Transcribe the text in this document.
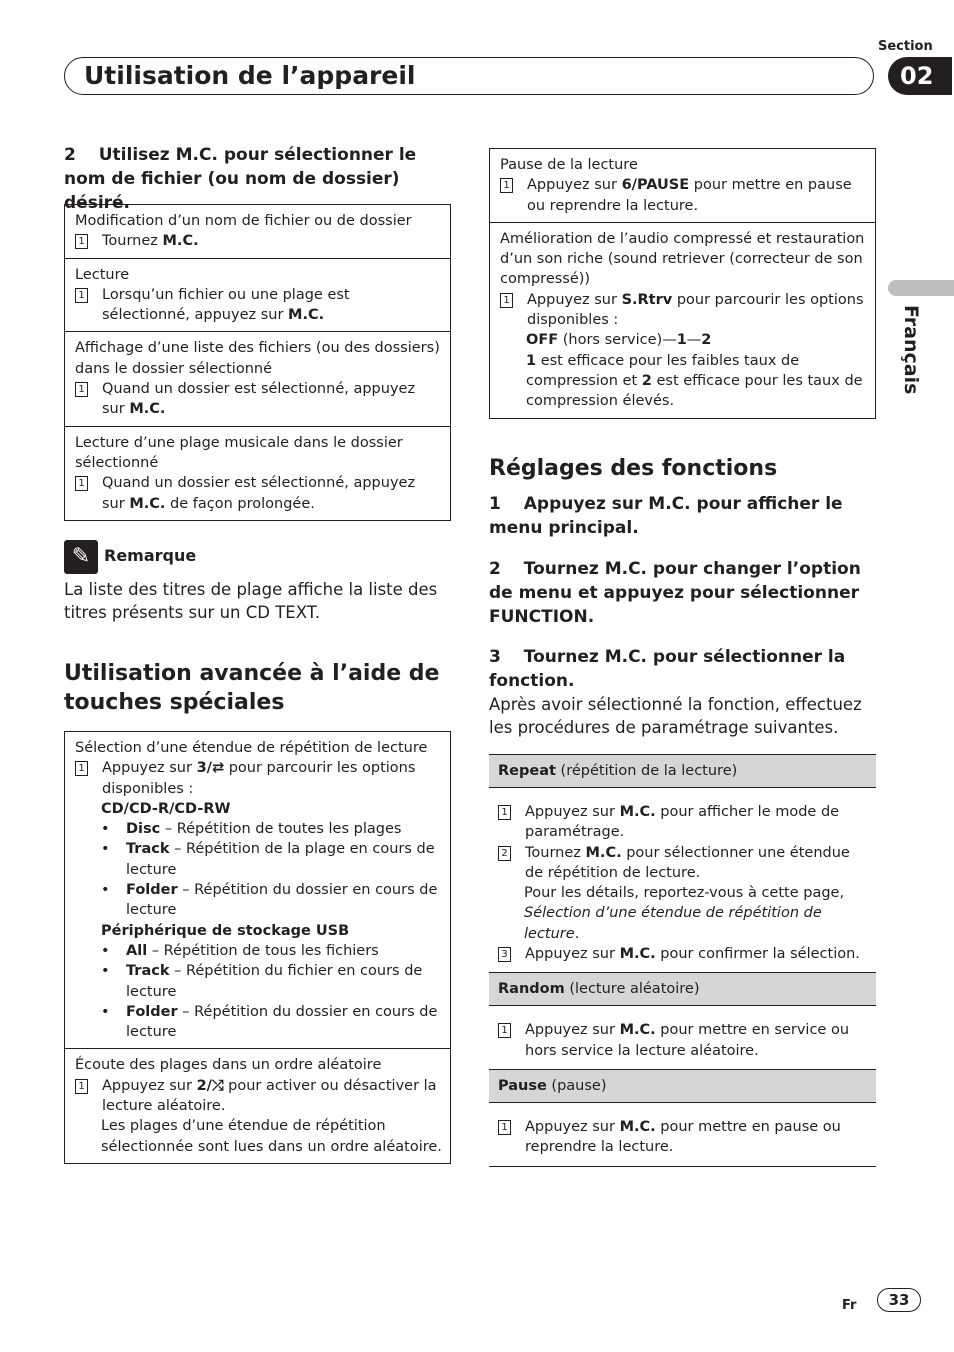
Utilisation de l’appareil
Section
02
Français
2  Utilisez M.C. pour sélectionner le nom de fichier (ou nom de dossier) désiré.
Modification d’un nom de fichier ou de dossier
1 Tournez M.C.
Lecture
1 Lorsqu’un fichier ou une plage est sélectionné, appuyez sur M.C.
Affichage d’une liste des fichiers (ou des dossiers) dans le dossier sélectionné
1 Quand un dossier est sélectionné, appuyez sur M.C.
Lecture d’une plage musicale dans le dossier sélectionné
1 Quand un dossier est sélectionné, appuyez sur M.C. de façon prolongée.
✎ Remarque
La liste des titres de plage affiche la liste des titres présents sur un CD TEXT.
Utilisation avancée à l’aide de touches spéciales
Sélection d’une étendue de répétition de lecture
1 Appuyez sur 3/⇄ pour parcourir les options disponibles :
CD/CD-R/CD-RW
•	Disc – Répétition de toutes les plages
•	Track – Répétition de la plage en cours de lecture
•	Folder – Répétition du dossier en cours de lecture
Périphérique de stockage USB
•	All – Répétition de tous les fichiers
•	Track – Répétition du fichier en cours de lecture
•	Folder – Répétition du dossier en cours de lecture
Écoute des plages dans un ordre aléatoire
1 Appuyez sur 2/⤮ pour activer ou désactiver la lecture aléatoire.
Les plages d’une étendue de répétition sélectionnée sont lues dans un ordre aléatoire.
Pause de la lecture
1 Appuyez sur 6/PAUSE pour mettre en pause ou reprendre la lecture.
Amélioration de l’audio compressé et restauration d’un son riche (sound retriever (correcteur de son compressé))
1 Appuyez sur S.Rtrv pour parcourir les options disponibles :
OFF (hors service)—1—2
1 est efficace pour les faibles taux de compression et 2 est efficace pour les taux de compression élevés.
Réglages des fonctions
1  Appuyez sur M.C. pour afficher le menu principal.
2  Tournez M.C. pour changer l’option de menu et appuyez pour sélectionner FUNCTION.
3  Tournez M.C. pour sélectionner la fonction.
Après avoir sélectionné la fonction, effectuez les procédures de paramétrage suivantes.
Repeat (répétition de la lecture)
1 Appuyez sur M.C. pour afficher le mode de paramétrage.
2 Tournez M.C. pour sélectionner une étendue de répétition de lecture.
Pour les détails, reportez-vous à cette page, Sélection d’une étendue de répétition de lecture.
3 Appuyez sur M.C. pour confirmer la sélection.
Random (lecture aléatoire)
1 Appuyez sur M.C. pour mettre en service ou hors service la lecture aléatoire.
Pause (pause)
1 Appuyez sur M.C. pour mettre en pause ou reprendre la lecture.
Fr	33
